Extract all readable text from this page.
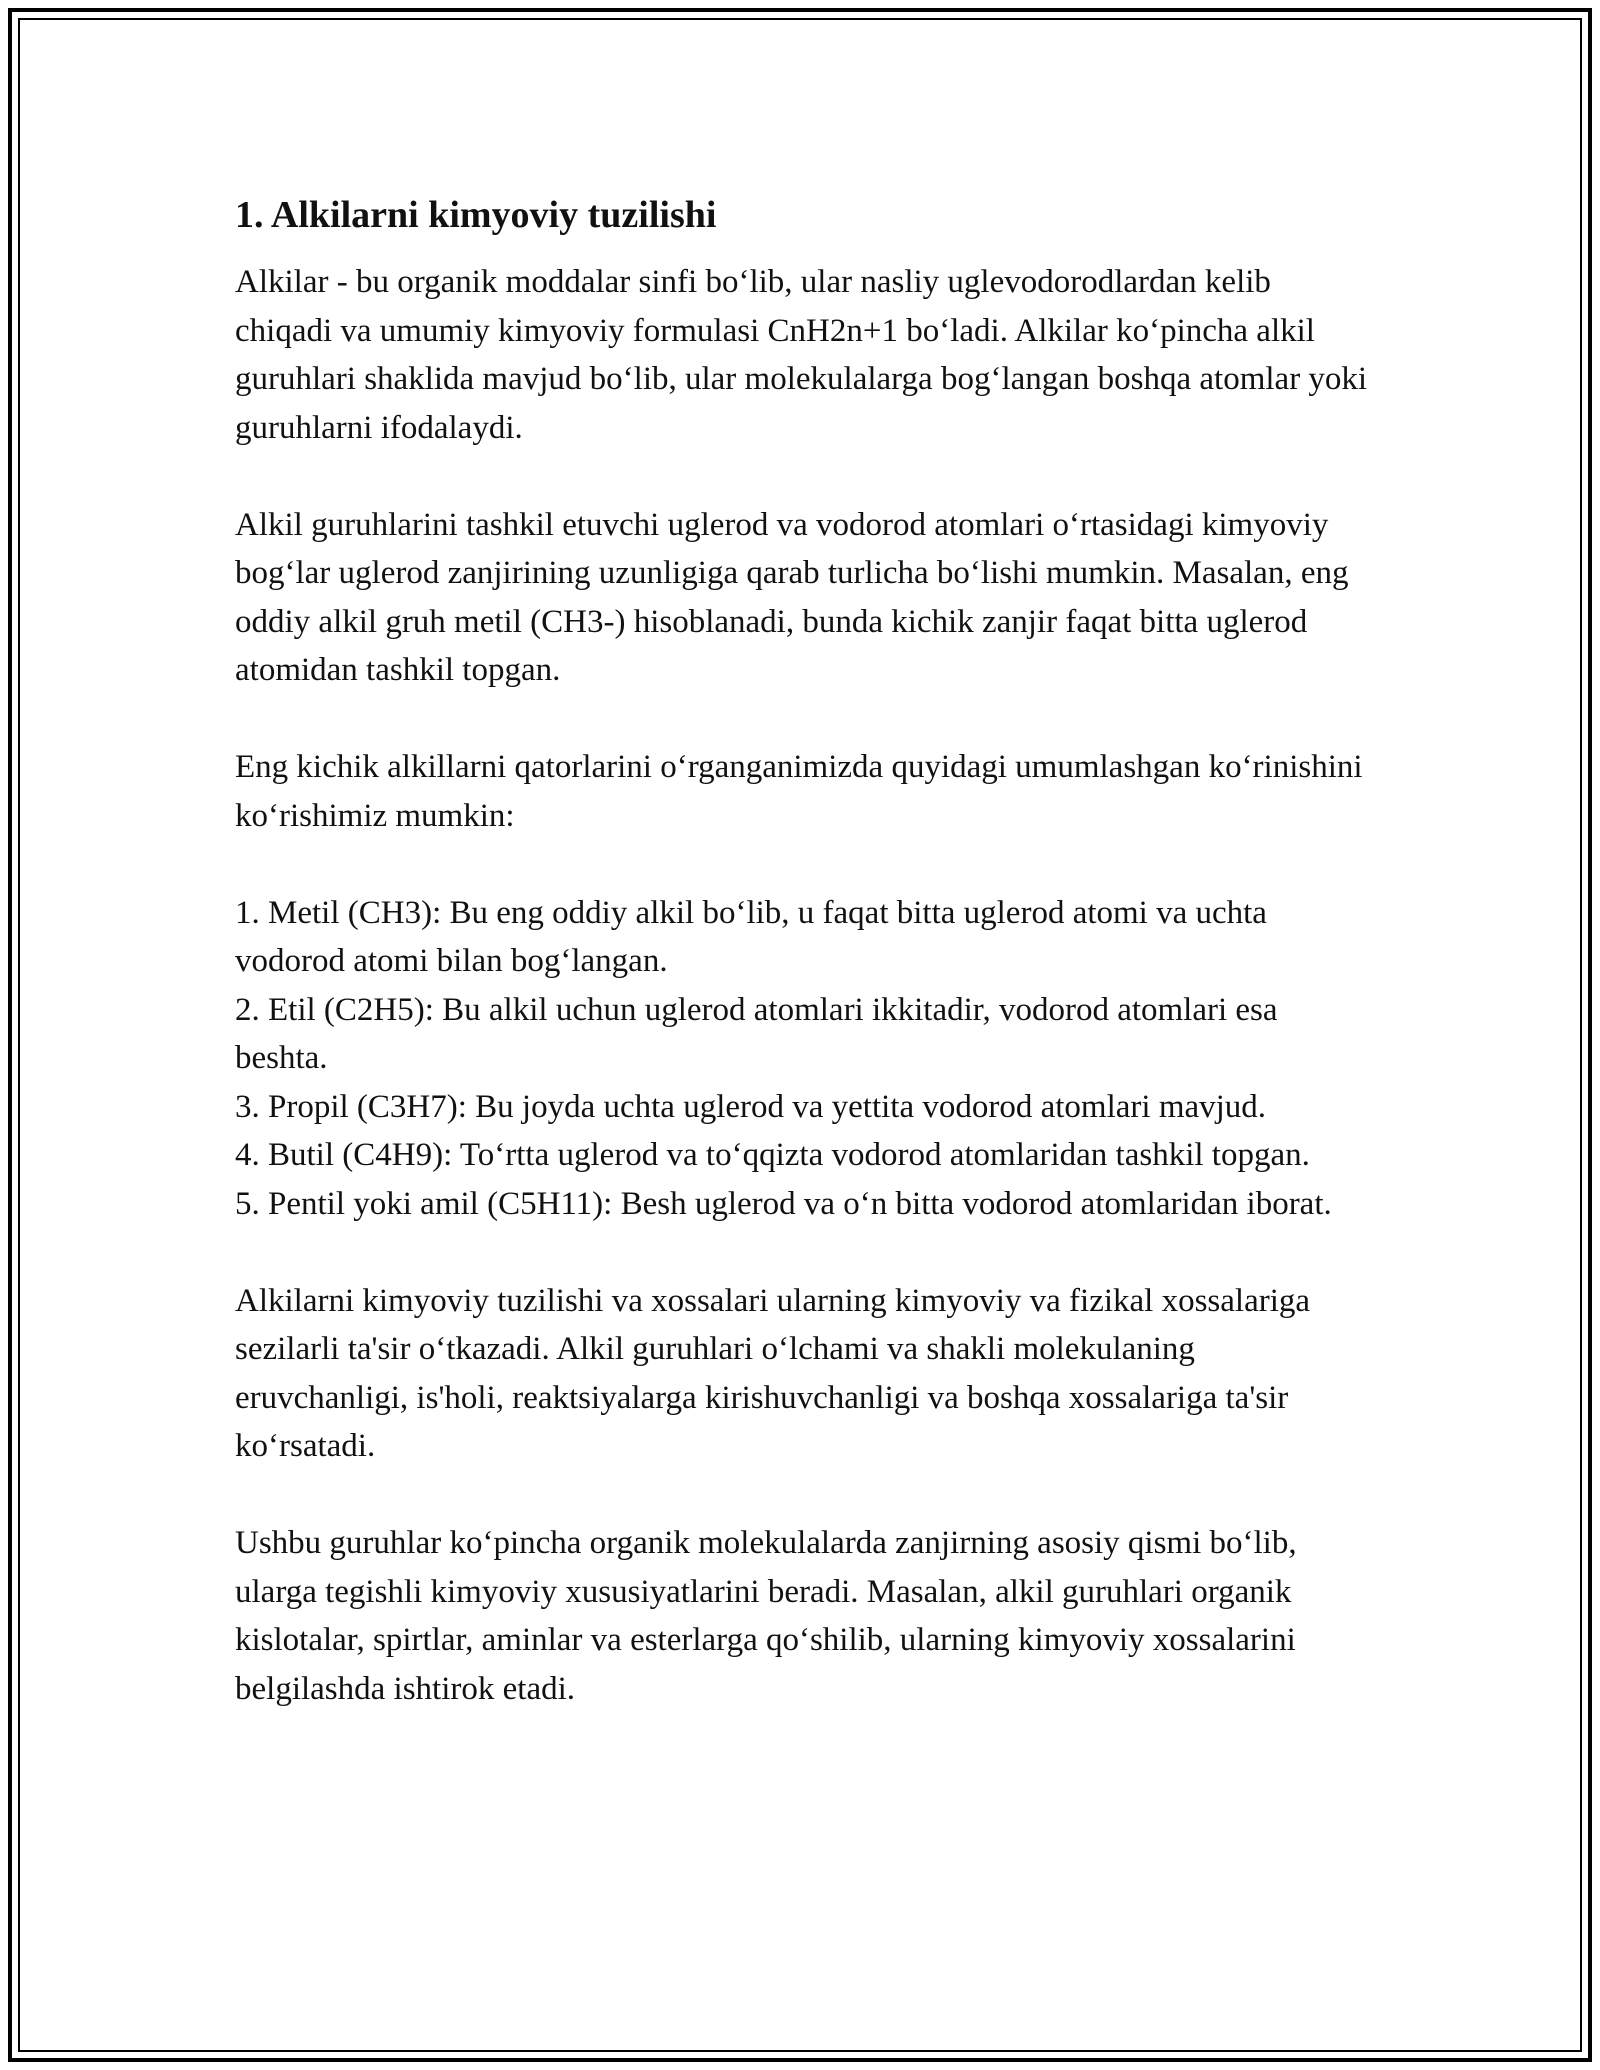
1. Alkilarni kimyoviy tuzilishi

Alkilar - bu organik moddalar sinfi bo‘lib, ular nasliy uglevodorodlardan kelib chiqadi va umumiy kimyoviy formulasi CnH2n+1 bo‘ladi. Alkilar ko‘pincha alkil guruhlari shaklida mavjud bo‘lib, ular molekulalarga bog‘langan boshqa atomlar yoki guruhlarni ifodalaydi.

Alkil guruhlarini tashkil etuvchi uglerod va vodorod atomlari o‘rtasidagi kimyoviy bog‘lar uglerod zanjirining uzunligiga qarab turlicha bo‘lishi mumkin. Masalan, eng oddiy alkil gruh metil (CH3-) hisoblanadi, bunda kichik zanjir faqat bitta uglerod atomidan tashkil topgan.

Eng kichik alkillarni qatorlarini o‘rganganimizda quyidagi umumlashgan ko‘rinishini ko‘rishimiz mumkin:

1. Metil (CH3): Bu eng oddiy alkil bo‘lib, u faqat bitta uglerod atomi va uchta vodorod atomi bilan bog‘langan.

2. Etil (C2H5): Bu alkil uchun uglerod atomlari ikkitadir, vodorod atomlari esa beshta.

3. Propil (C3H7): Bu joyda uchta uglerod va yettita vodorod atomlari mavjud.

4. Butil (C4H9): To‘rtta uglerod va to‘qqizta vodorod atomlaridan tashkil topgan.

5. Pentil yoki amil (C5H11): Besh uglerod va o‘n bitta vodorod atomlaridan iborat.

Alkilarni kimyoviy tuzilishi va xossalari ularning kimyoviy va fizikal xossalariga sezilarli ta'sir o‘tkazadi. Alkil guruhlari o‘lchami va shakli molekulaning eruvchanligi, is'holi, reaktsiyalarga kirishuvchanligi va boshqa xossalariga ta'sir ko‘rsatadi.

Ushbu guruhlar ko‘pincha organik molekulalarda zanjirning asosiy qismi bo‘lib, ularga tegishli kimyoviy xususiyatlarini beradi. Masalan, alkil guruhlari organik kislotalar, spirtlar, aminlar va esterlarga qo‘shilib, ularning kimyoviy xossalarini belgilashda ishtirok etadi.
